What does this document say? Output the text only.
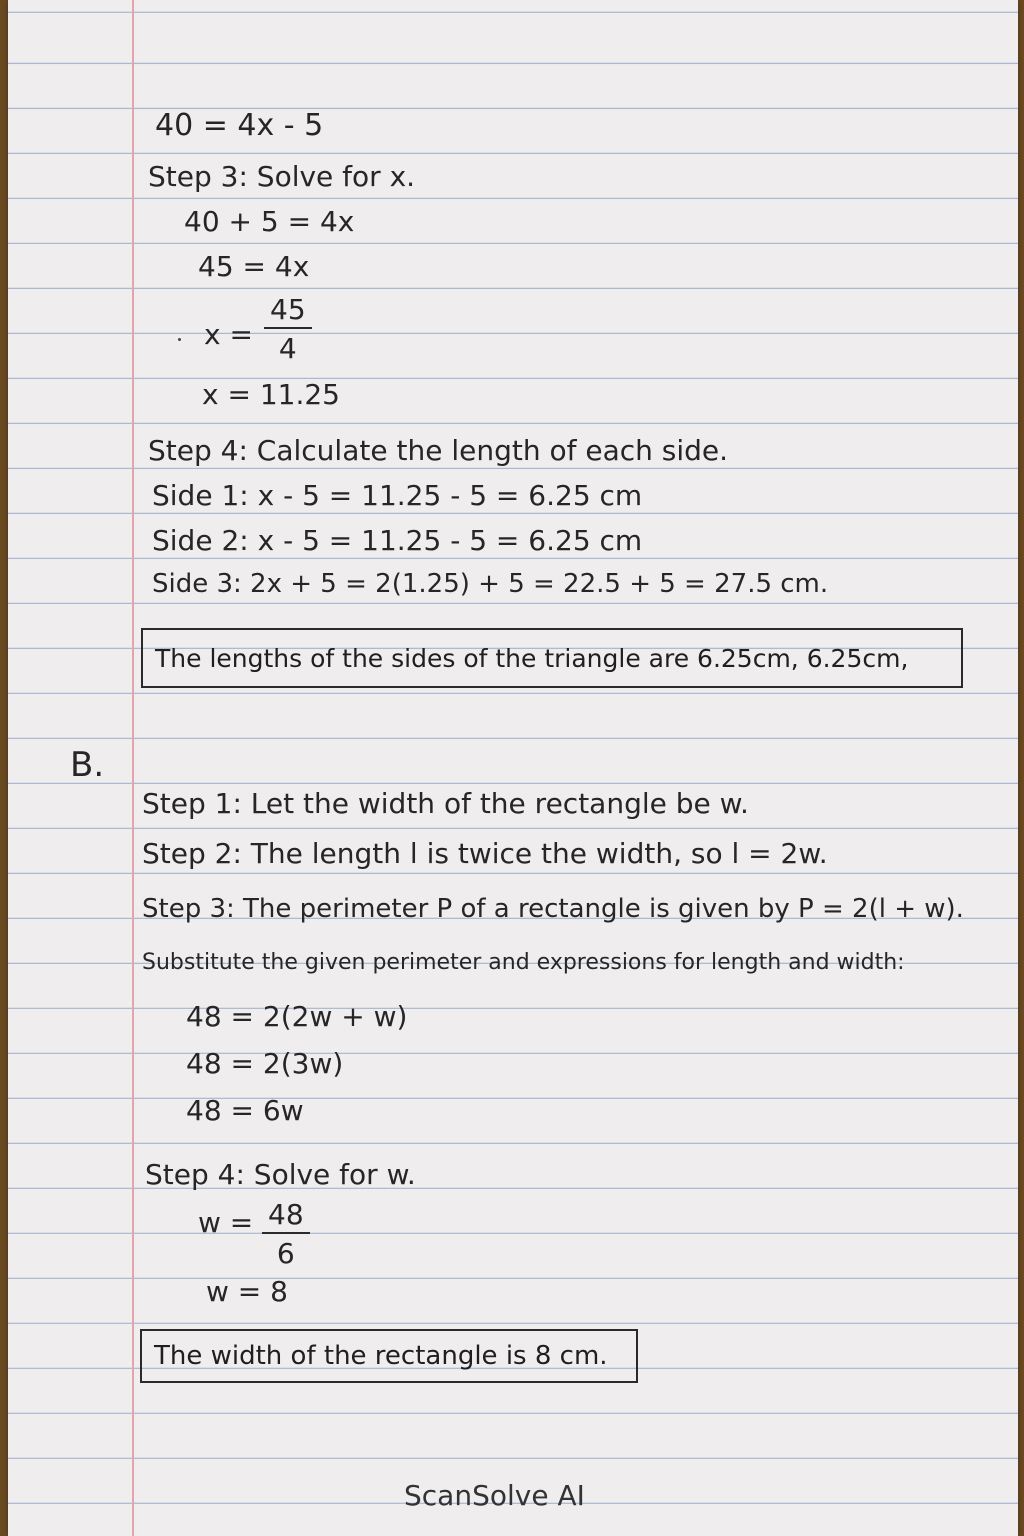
40 = 4x - 5
Step 3: Solve for x.
40 + 5 = 4x
45 = 4x
$x = \frac{45}{4}$
x = 11.25
Step 4: Calculate the length of each side.
Side 1: x - 5 = 11.25 - 5 = 6.25 cm
Side 2: x - 5 = 11.25 - 5 = 6.25 cm
Side 3: 2x + 5 = 2(1.25) + 5 = 22.5 + 5 = 27.5 cm.
The lengths of the sides of the triangle are 6.25cm, 6.25cm,
B.
Step 1: Let the width of the rectangle be w.
Step 2: The length l is twice the width, so l = 2w.
Step 3: The perimeter P of a rectangle is given by P = 2(l + w).
Substitute the given perimeter and expressions for length and width:
48 = 2(2w + w)
48 = 2(3w)
48 = 6w
Step 4: Solve for w.
$w = \frac{48}{6}$
w = 8
The width of the rectangle is 8 cm.
ScanSolve AI
